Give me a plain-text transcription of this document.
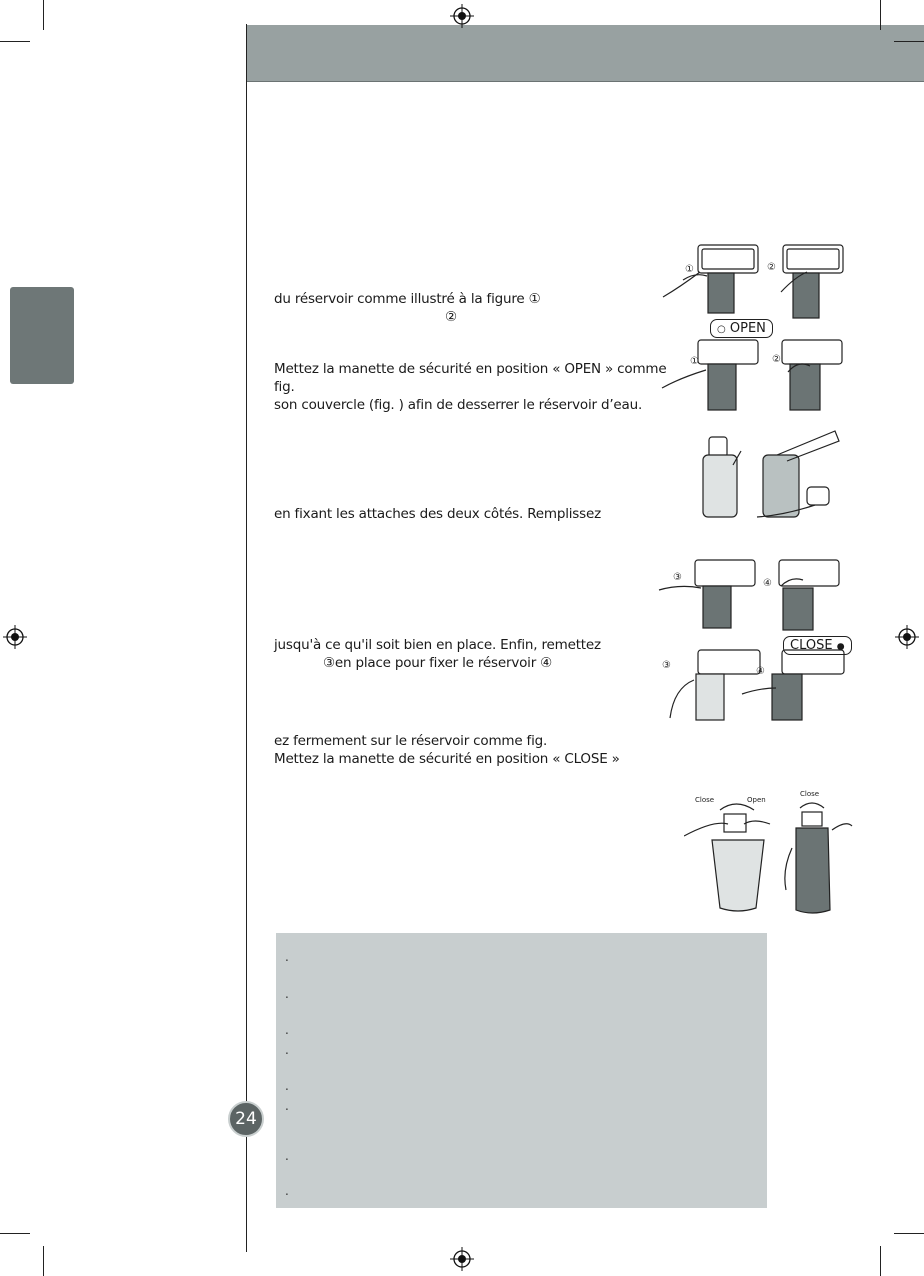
du réservoir comme illustré à la figure ①
②
Mettez la manette de sécurité en position « OPEN » comme
fig.
son couvercle (fig. ) afin de desserrer le réservoir d’eau.
en fixant les attaches des deux côtés. Remplissez
jusqu'à ce qu'il soit bien en place. Enfin, remettez
③en place pour fixer le réservoir ④
ez fermement sur le réservoir comme fig.
Mettez la manette de sécurité en position « CLOSE »
①	②
○ OPEN
①	②
③
④
CLOSE ●
③
④
Close	Open
Close
.
.
.
.
.
.
.
.
24
